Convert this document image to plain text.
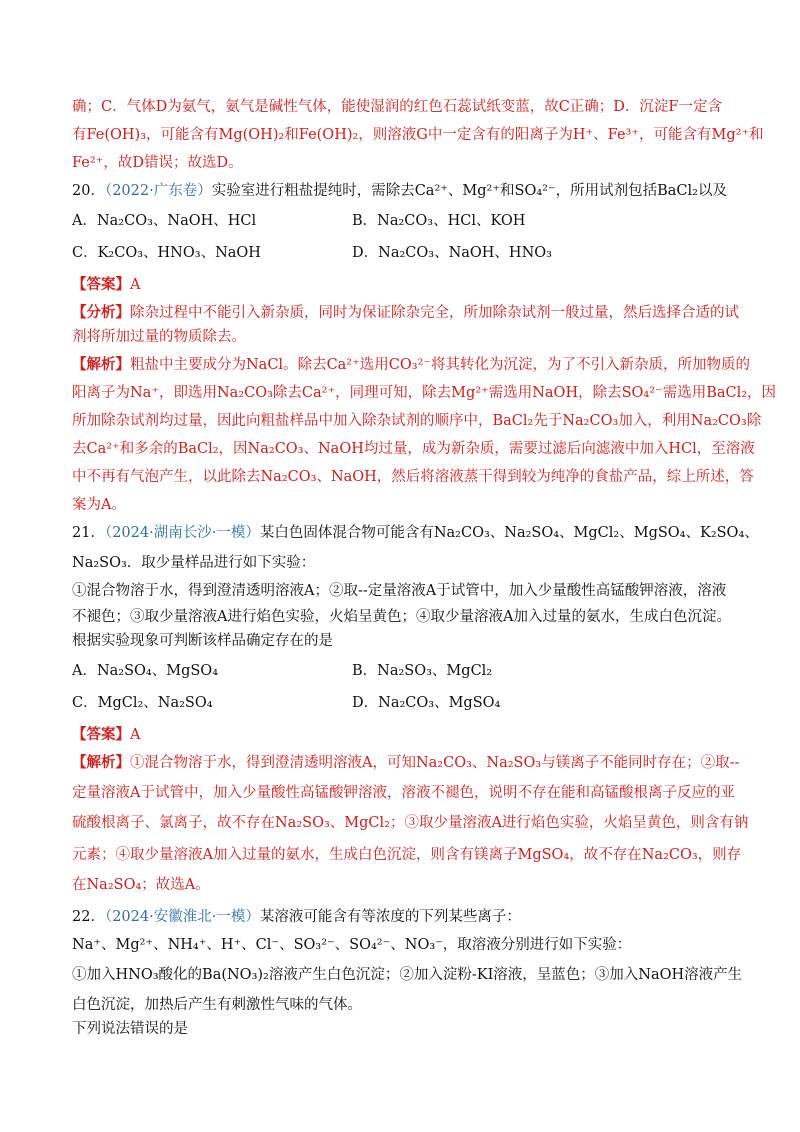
确；C．气体D为氨气，氨气是碱性气体，能使湿润的红色石蕊试纸变蓝，故C正确；D．沉淀F一定含
有Fe(OH)₃，可能含有Mg(OH)₂和Fe(OH)₂，则溶液G中一定含有的阳离子为H⁺、Fe³⁺，可能含有Mg²⁺和
Fe²⁺，故D错误；故选D。
20．（2022·广东卷）实验室进行粗盐提纯时，需除去Ca²⁺、Mg²⁺和SO₄²⁻，所用试剂包括BaCl₂以及
A．Na₂CO₃、NaOH、HCl	B．Na₂CO₃、HCl、KOH
C．K₂CO₃、HNO₃、NaOH	D．Na₂CO₃、NaOH、HNO₃
【答案】A
【分析】除杂过程中不能引入新杂质，同时为保证除杂完全，所加除杂试剂一般过量，然后选择合适的试
剂将所加过量的物质除去。
【解析】粗盐中主要成分为NaCl。除去Ca²⁺选用CO₃²⁻将其转化为沉淀，为了不引入新杂质，所加物质的
阳离子为Na⁺，即选用Na₂CO₃除去Ca²⁺，同理可知，除去Mg²⁺需选用NaOH，除去SO₄²⁻需选用BaCl₂，因
所加除杂试剂均过量，因此向粗盐样品中加入除杂试剂的顺序中，BaCl₂先于Na₂CO₃加入，利用Na₂CO₃除
去Ca²⁺和多余的BaCl₂，因Na₂CO₃、NaOH均过量，成为新杂质，需要过滤后向滤液中加入HCl，至溶液
中不再有气泡产生，以此除去Na₂CO₃、NaOH，然后将溶液蒸干得到较为纯净的食盐产品，综上所述，答
案为A。
21．（2024·湖南长沙·一模）某白色固体混合物可能含有Na₂CO₃、Na₂SO₄、MgCl₂、MgSO₄、K₂SO₄、
Na₂SO₃．取少量样品进行如下实验：
①混合物溶于水，得到澄清透明溶液A；②取--定量溶液A于试管中，加入少量酸性高锰酸钾溶液，溶液
不褪色；③取少量溶液A进行焰色实验，火焰呈黄色；④取少量溶液A加入过量的氨水，生成白色沉淀。
根据实验现象可判断该样品确定存在的是
A．Na₂SO₄、MgSO₄	B．Na₂SO₃、MgCl₂
C．MgCl₂、Na₂SO₄	D．Na₂CO₃、MgSO₄
【答案】A
【解析】①混合物溶于水，得到澄清透明溶液A，可知Na₂CO₃、Na₂SO₃与镁离子不能同时存在；②取--
定量溶液A于试管中，加入少量酸性高锰酸钾溶液，溶液不褪色，说明不存在能和高锰酸根离子反应的亚
硫酸根离子、氯离子，故不存在Na₂SO₃、MgCl₂；③取少量溶液A进行焰色实验，火焰呈黄色，则含有钠
元素；④取少量溶液A加入过量的氨水，生成白色沉淀，则含有镁离子MgSO₄，故不存在Na₂CO₃，则存
在Na₂SO₄；故选A。
22．（2024·安徽淮北·一模）某溶液可能含有等浓度的下列某些离子：
Na⁺、Mg²⁺、NH₄⁺、H⁺、Cl⁻、SO₃²⁻、SO₄²⁻、NO₃⁻，取溶液分别进行如下实验：
①加入HNO₃酸化的Ba(NO₃)₂溶液产生白色沉淀；②加入淀粉-KI溶液，呈蓝色；③加入NaOH溶液产生
白色沉淀，加热后产生有刺激性气味的气体。
下列说法错误的是
